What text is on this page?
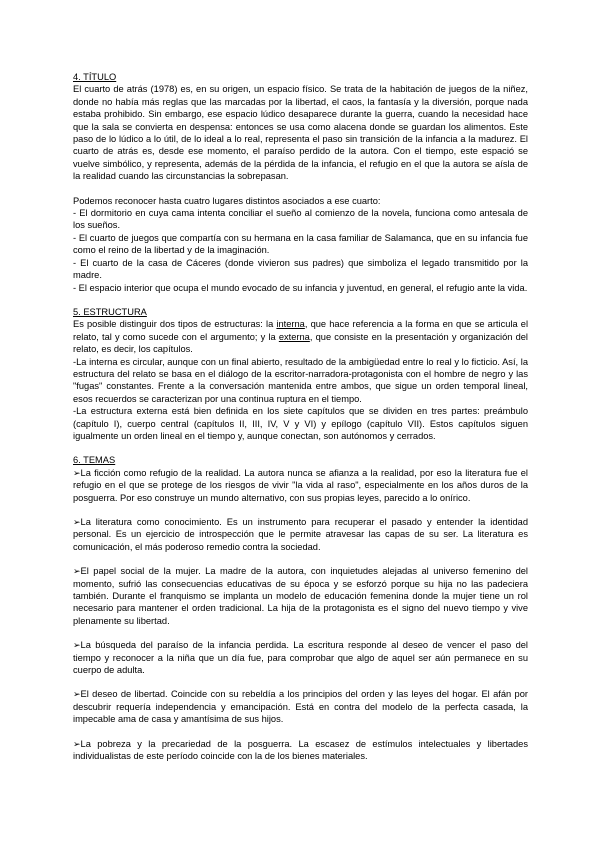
4. TÍTULO

El cuarto de atrás (1978) es, en su origen, un espacio físico. Se trata de la habitación de juegos de la niñez, donde no había más reglas que las marcadas por la libertad, el caos, la fantasía y la diversión, porque nada estaba prohibido. Sin embargo, ese espacio lúdico desaparece durante la guerra, cuando la necesidad hace que la sala se convierta en despensa: entonces se usa como alacena donde se guardan los alimentos. Este paso de lo lúdico a lo útil, de lo ideal a lo real, representa el paso sin transición de la infancia a la madurez. El cuarto de atrás es, desde ese momento, el paraíso perdido de la autora. Con el tiempo, este espació se vuelve simbólico, y representa, además de la pérdida de la infancia, el refugio en el que la autora se aísla de la realidad cuando las circunstancias la sobrepasan.

Podemos reconocer hasta cuatro lugares distintos asociados a ese cuarto:

- El dormitorio en cuya cama intenta conciliar el sueño al comienzo de la novela, funciona como antesala de los sueños.

- El cuarto de juegos que compartía con su hermana en la casa familiar de Salamanca, que en su infancia fue como el reino de la libertad y de la imaginación.

- El cuarto de la casa de Cáceres (donde vivieron sus padres) que simboliza el legado transmitido por la madre.

- El espacio interior que ocupa el mundo evocado de su infancia y juventud, en general, el refugio ante la vida.

5. ESTRUCTURA

Es posible distinguir dos tipos de estructuras: la interna, que hace referencia a la forma en que se articula el relato, tal y como sucede con el argumento; y la externa, que consiste en la presentación y organización del relato, es decir, los capítulos.

-La interna es circular, aunque con un final abierto, resultado de la ambigüedad entre lo real y lo ficticio. Así, la estructura del relato se basa en el diálogo de la escritor-narradora-protagonista con el hombre de negro y las "fugas" constantes. Frente a la conversación mantenida entre ambos, que sigue un orden temporal lineal, esos recuerdos se caracterizan por una continua ruptura en el tiempo.

-La estructura externa está bien definida en los siete capítulos que se dividen en tres partes: preámbulo (capítulo I), cuerpo central (capítulos II, III, IV, V y VI) y epílogo (capítulo VII). Estos capítulos siguen igualmente un orden lineal en el tiempo y, aunque conectan, son autónomos y cerrados.

6. TEMAS

➢La ficción como refugio de la realidad. La autora nunca se afianza a la realidad, por eso la literatura fue el refugio en el que se protege de los riesgos de vivir "la vida al raso", especialmente en los años duros de la posguerra. Por eso construye un mundo alternativo, con sus propias leyes, parecido a lo onírico.

➢La literatura como conocimiento. Es un instrumento para recuperar el pasado y entender la identidad personal. Es un ejercicio de introspección que le permite atravesar las capas de su ser. La literatura es comunicación, el más poderoso remedio contra la sociedad.

➢El papel social de la mujer. La madre de la autora, con inquietudes alejadas al universo femenino del momento, sufrió las consecuencias educativas de su época y se esforzó porque su hija no las padeciera también. Durante el franquismo se implanta un modelo de educación femenina donde la mujer tiene un rol necesario para mantener el orden tradicional. La hija de la protagonista es el signo del nuevo tiempo y vive plenamente su libertad.

➢La búsqueda del paraíso de la infancia perdida. La escritura responde al deseo de vencer el paso del tiempo y reconocer a la niña que un día fue, para comprobar que algo de aquel ser aún permanece en su cuerpo de adulta.

➢El deseo de libertad. Coincide con su rebeldía a los principios del orden y las leyes del hogar. El afán por descubrir requería independencia y emancipación. Está en contra del modelo de la perfecta casada, la impecable ama de casa y amantísima de sus hijos.

➢La pobreza y la precariedad de la posguerra. La escasez de estímulos intelectuales y libertades individualistas de este período coincide con la de los bienes materiales.
